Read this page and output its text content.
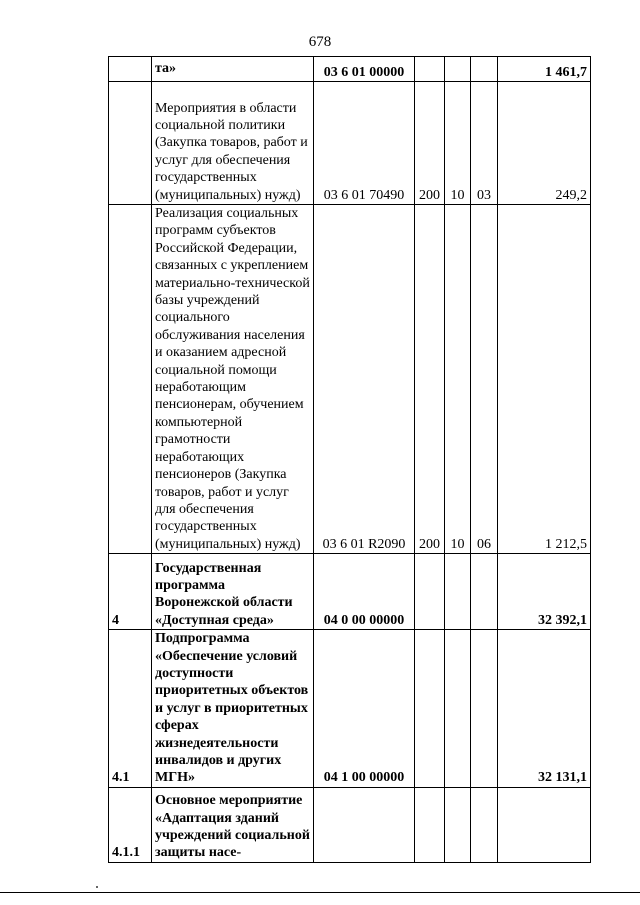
678
	та»	03 6 01 00000				1 461,7
	Мероприятия в области социальной политики (Закупка товаров, работ и услуг для обеспечения государственных (муниципальных) нужд)	03 6 01 70490	200	10	03	249,2
	Реализация социальных программ субъектов Российской Федерации, связанных с укреплением материально-технической базы учреждений социального обслуживания населения и оказанием адресной социальной помощи неработающим пенсионерам, обучением компьютерной грамотности неработающих пенсионеров (Закупка товаров, работ и услуг для обеспечения государственных (муниципальных) нужд)	03 6 01 R2090	200	10	06	1 212,5
4	Государственная программа Воронежской области «Доступная среда»	04 0 00 00000				32 392,1
4.1	Подпрограмма «Обеспечение условий доступности приоритетных объектов и услуг в приоритетных сферах жизнедеятельности инвалидов и других МГН»	04 1 00 00000				32 131,1
4.1.1	Основное мероприятие «Адаптация зданий учреждений социальной защиты насе-					
